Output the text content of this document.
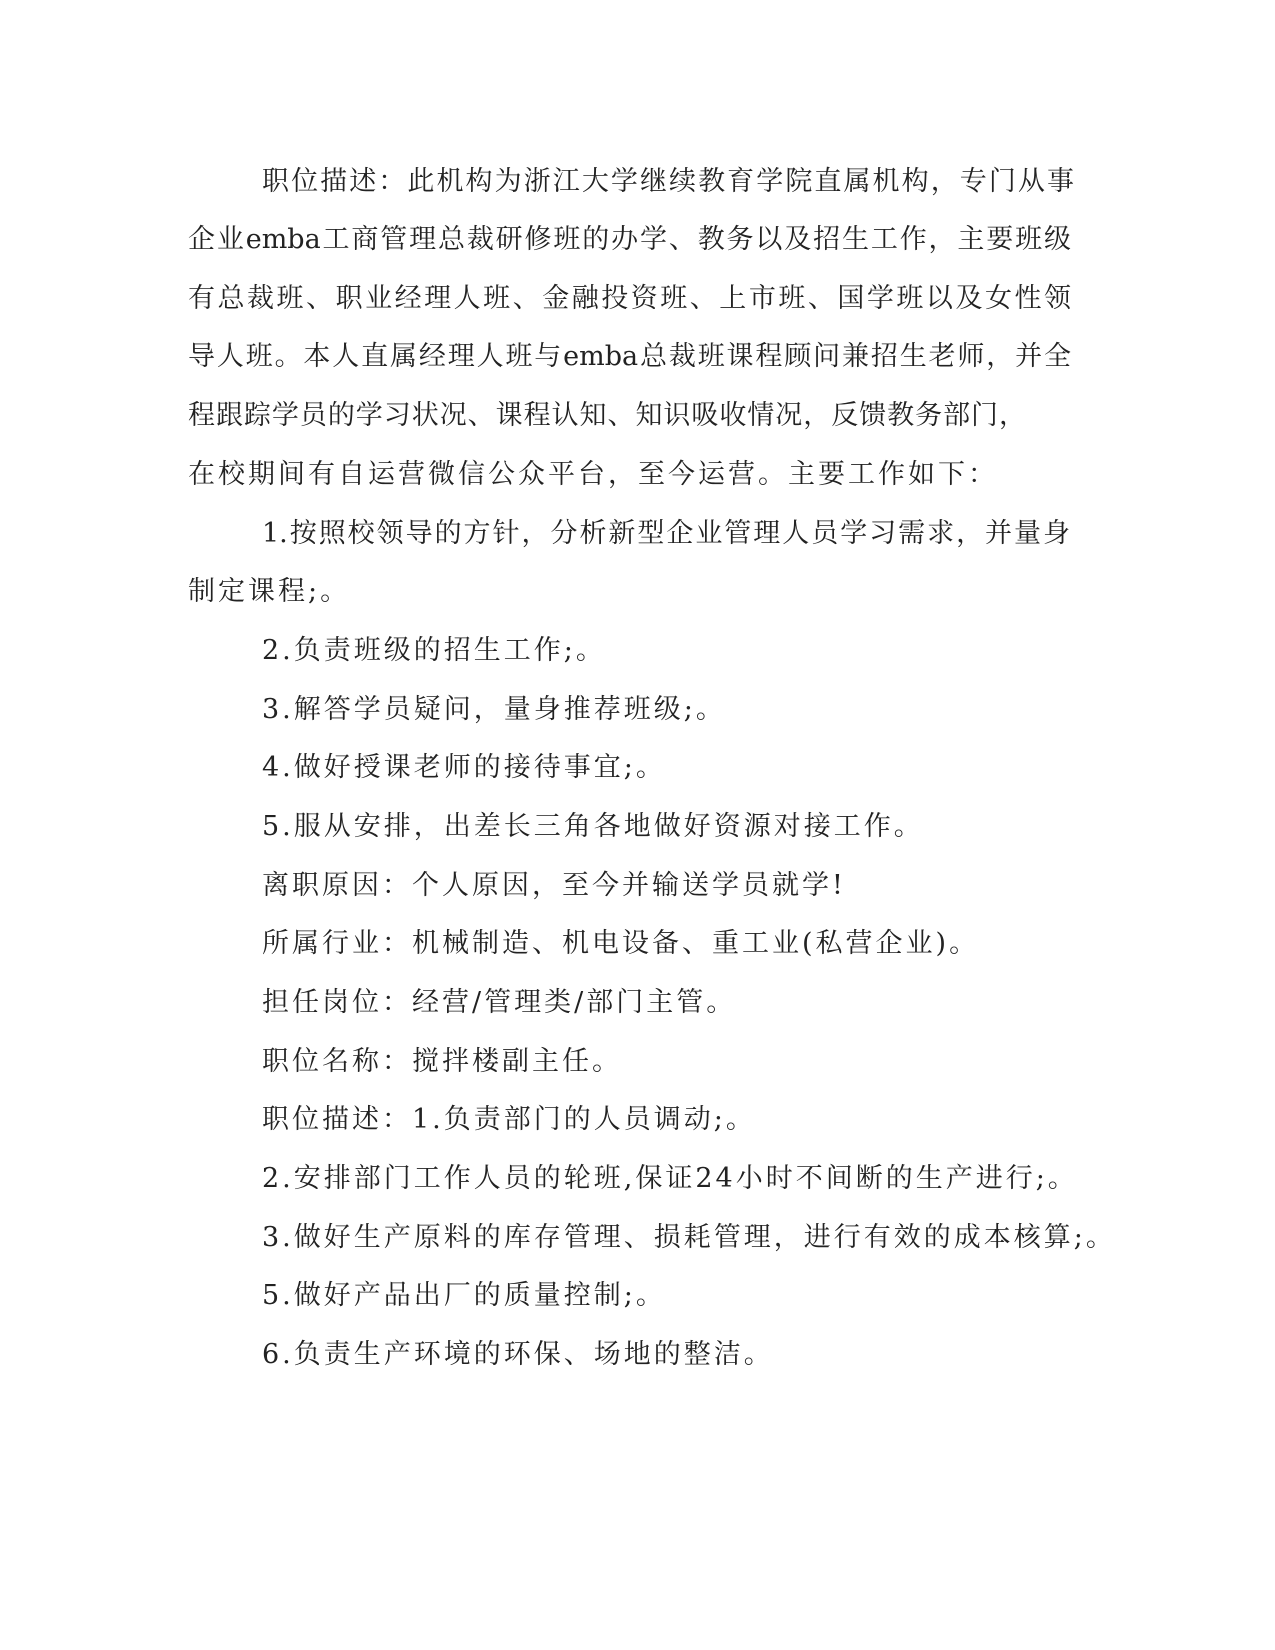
职位描述：此机构为浙江大学继续教育学院直属机构，专门从事
企业emba工商管理总裁研修班的办学、教务以及招生工作，主要班级
有总裁班、职业经理人班、金融投资班、上市班、国学班以及女性领
导人班。本人直属经理人班与emba总裁班课程顾问兼招生老师，并全
程跟踪学员的学习状况、课程认知、知识吸收情况，反馈教务部门，
在校期间有自运营微信公众平台，至今运营。主要工作如下：
1.按照校领导的方针，分析新型企业管理人员学习需求，并量身
制定课程;。
2.负责班级的招生工作;。
3.解答学员疑问，量身推荐班级;。
4.做好授课老师的接待事宜;。
5.服从安排，出差长三角各地做好资源对接工作。
离职原因：个人原因，至今并输送学员就学!
所属行业：机械制造、机电设备、重工业(私营企业)。
担任岗位：经营/管理类/部门主管。
职位名称：搅拌楼副主任。
职位描述：1.负责部门的人员调动;。
2.安排部门工作人员的轮班,保证24小时不间断的生产进行;。
3.做好生产原料的库存管理、损耗管理，进行有效的成本核算;。
5.做好产品出厂的质量控制;。
6.负责生产环境的环保、场地的整洁。
